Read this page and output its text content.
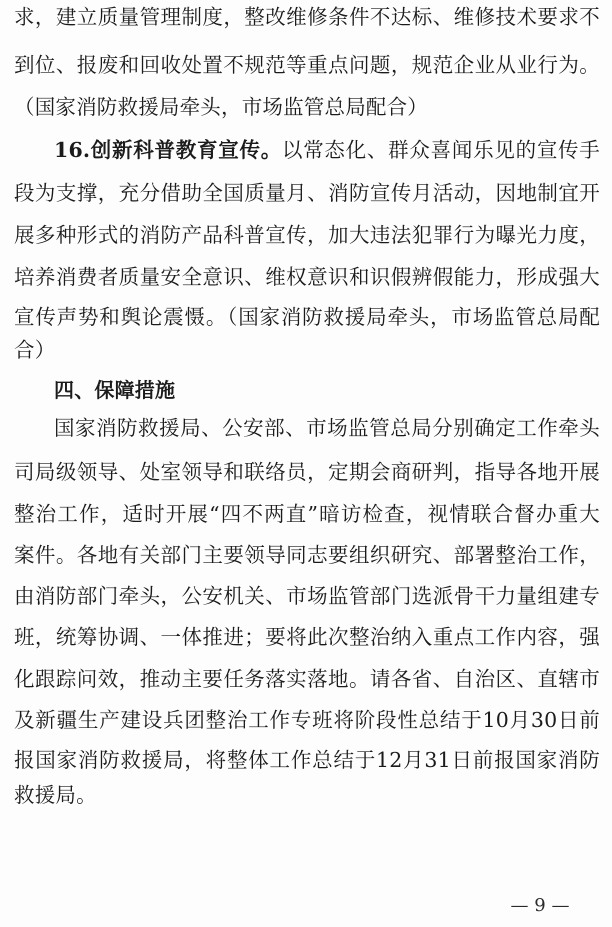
求，建立质量管理制度，整改维修条件不达标、维修技术要求不
到位、报废和回收处置不规范等重点问题，规范企业从业行为。
（国家消防救援局牵头，市场监管总局配合）
16.创新科普教育宣传。以常态化、群众喜闻乐见的宣传手
段为支撑，充分借助全国质量月、消防宣传月活动，因地制宜开
展多种形式的消防产品科普宣传，加大违法犯罪行为曝光力度，
培养消费者质量安全意识、维权意识和识假辨假能力，形成强大
宣传声势和舆论震慑。（国家消防救援局牵头，市场监管总局配
合）
四、保障措施
国家消防救援局、公安部、市场监管总局分别确定工作牵头
司局级领导、处室领导和联络员，定期会商研判，指导各地开展
整治工作，适时开展“四不两直”暗访检查，视情联合督办重大
案件。各地有关部门主要领导同志要组织研究、部署整治工作，
由消防部门牵头，公安机关、市场监管部门选派骨干力量组建专
班，统筹协调、一体推进；要将此次整治纳入重点工作内容，强
化跟踪问效，推动主要任务落实落地。请各省、自治区、直辖市
及新疆生产建设兵团整治工作专班将阶段性总结于10月30日前
报国家消防救援局，将整体工作总结于12月31日前报国家消防
救援局。
— 9 —
